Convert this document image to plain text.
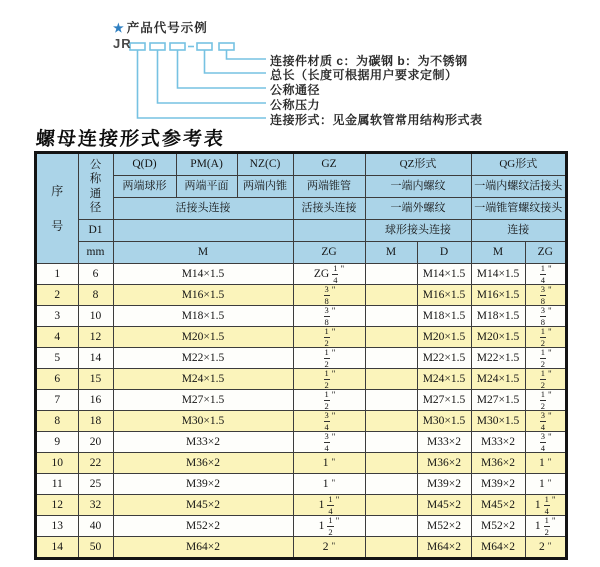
★ 产品代号示例
JR
连接件材质 c：为碳钢 b：为不锈钢
总长（长度可根据用户要求定制）
公称通径
公称压力
连接形式：见金属软管常用结构形式表
螺母连接形式参考表
序号	公称通径	Q(D)	PM(A)	NZ(C)	GZ	QZ形式		QG形式	
		两端球形	两端平面	两端内锥	两端锥管	一端内螺纹		一端内螺纹活接头	
		活接头连接			活接头连接	一端外螺纹		一端锥管螺纹接头	
	D1					球形接头连接		连接	
	mm	M			ZG	M	D	M	ZG
1	6	M14×1.5			ZG $\frac{1}{4} ^"$		M14×1.5	M14×1.5	$\frac{1}{4} ^"$
2	8	M16×1.5			$\frac{3}{8} ^"$		M16×1.5	M16×1.5	$\frac{3}{8} ^"$
3	10	M18×1.5			$\frac{3}{8} ^"$		M18×1.5	M18×1.5	$\frac{3}{8} ^"$
4	12	M20×1.5			$\frac{1}{2} ^"$		M20×1.5	M20×1.5	$\frac{1}{2} ^"$
5	14	M22×1.5			$\frac{1}{2} ^"$		M22×1.5	M22×1.5	$\frac{1}{2} ^"$
6	15	M24×1.5			$\frac{1}{2} ^"$		M24×1.5	M24×1.5	$\frac{1}{2} ^"$
7	16	M27×1.5			$\frac{1}{2} ^"$		M27×1.5	M27×1.5	$\frac{1}{2} ^"$
8	18	M30×1.5			$\frac{3}{4} ^"$		M30×1.5	M30×1.5	$\frac{3}{4} ^"$
9	20	M33×2			$\frac{3}{4} ^"$		M33×2	M33×2	$\frac{3}{4} ^"$
10	22	M36×2			1 "		M36×2	M36×2	1 "
11	25	M39×2			1 "		M39×2	M39×2	1 "
12	32	M45×2			$1 \frac{1}{4} ^"$		M45×2	M45×2	$1 \frac{1}{4} ^"$
13	40	M52×2			$1 \frac{1}{2} ^"$		M52×2	M52×2	$1 \frac{1}{2} ^"$
14	50	M64×2			2 "		M64×2	M64×2	2 "
